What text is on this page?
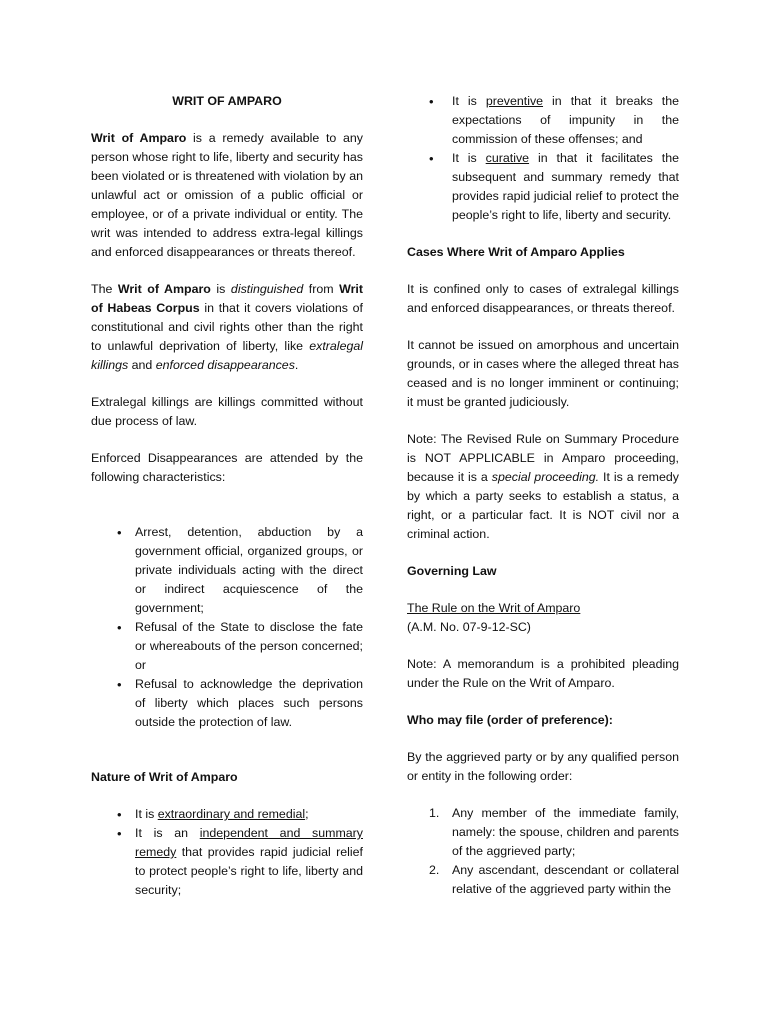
WRIT OF AMPARO

Writ of Amparo is a remedy available to any person whose right to life, liberty and security has been violated or is threatened with violation by an unlawful act or omission of a public official or employee, or of a private individual or entity. The writ was intended to address extra-legal killings and enforced disappearances or threats thereof.

The Writ of Amparo is distinguished from Writ of Habeas Corpus in that it covers violations of constitutional and civil rights other than the right to unlawful deprivation of liberty, like extralegal killings and enforced disappearances.

Extralegal killings are killings committed without due process of law.

Enforced Disappearances are attended by the following characteristics:

• Arrest, detention, abduction by a government official, organized groups, or private individuals acting with the direct or indirect acquiescence of the government;
• Refusal of the State to disclose the fate or whereabouts of the person concerned; or
• Refusal to acknowledge the deprivation of liberty which places such persons outside the protection of law.

Nature of Writ of Amparo

• It is extraordinary and remedial;
• It is an independent and summary remedy that provides rapid judicial relief to protect people’s right to life, liberty and security;
• It is preventive in that it breaks the expectations of impunity in the commission of these offenses; and
• It is curative in that it facilitates the subsequent and summary remedy that provides rapid judicial relief to protect the people’s right to life, liberty and security.

Cases Where Writ of Amparo Applies

It is confined only to cases of extralegal killings and enforced disappearances, or threats thereof.

It cannot be issued on amorphous and uncertain grounds, or in cases where the alleged threat has ceased and is no longer imminent or continuing; it must be granted judiciously.

Note: The Revised Rule on Summary Procedure is NOT APPLICABLE in Amparo proceeding, because it is a special proceeding. It is a remedy by which a party seeks to establish a status, a right, or a particular fact. It is NOT civil nor a criminal action.

Governing Law

The Rule on the Writ of Amparo
(A.M. No. 07-9-12-SC)

Note: A memorandum is a prohibited pleading under the Rule on the Writ of Amparo.

Who may file (order of preference):

By the aggrieved party or by any qualified person or entity in the following order:

1. Any member of the immediate family, namely: the spouse, children and parents of the aggrieved party;
2. Any ascendant, descendant or collateral relative of the aggrieved party within the
